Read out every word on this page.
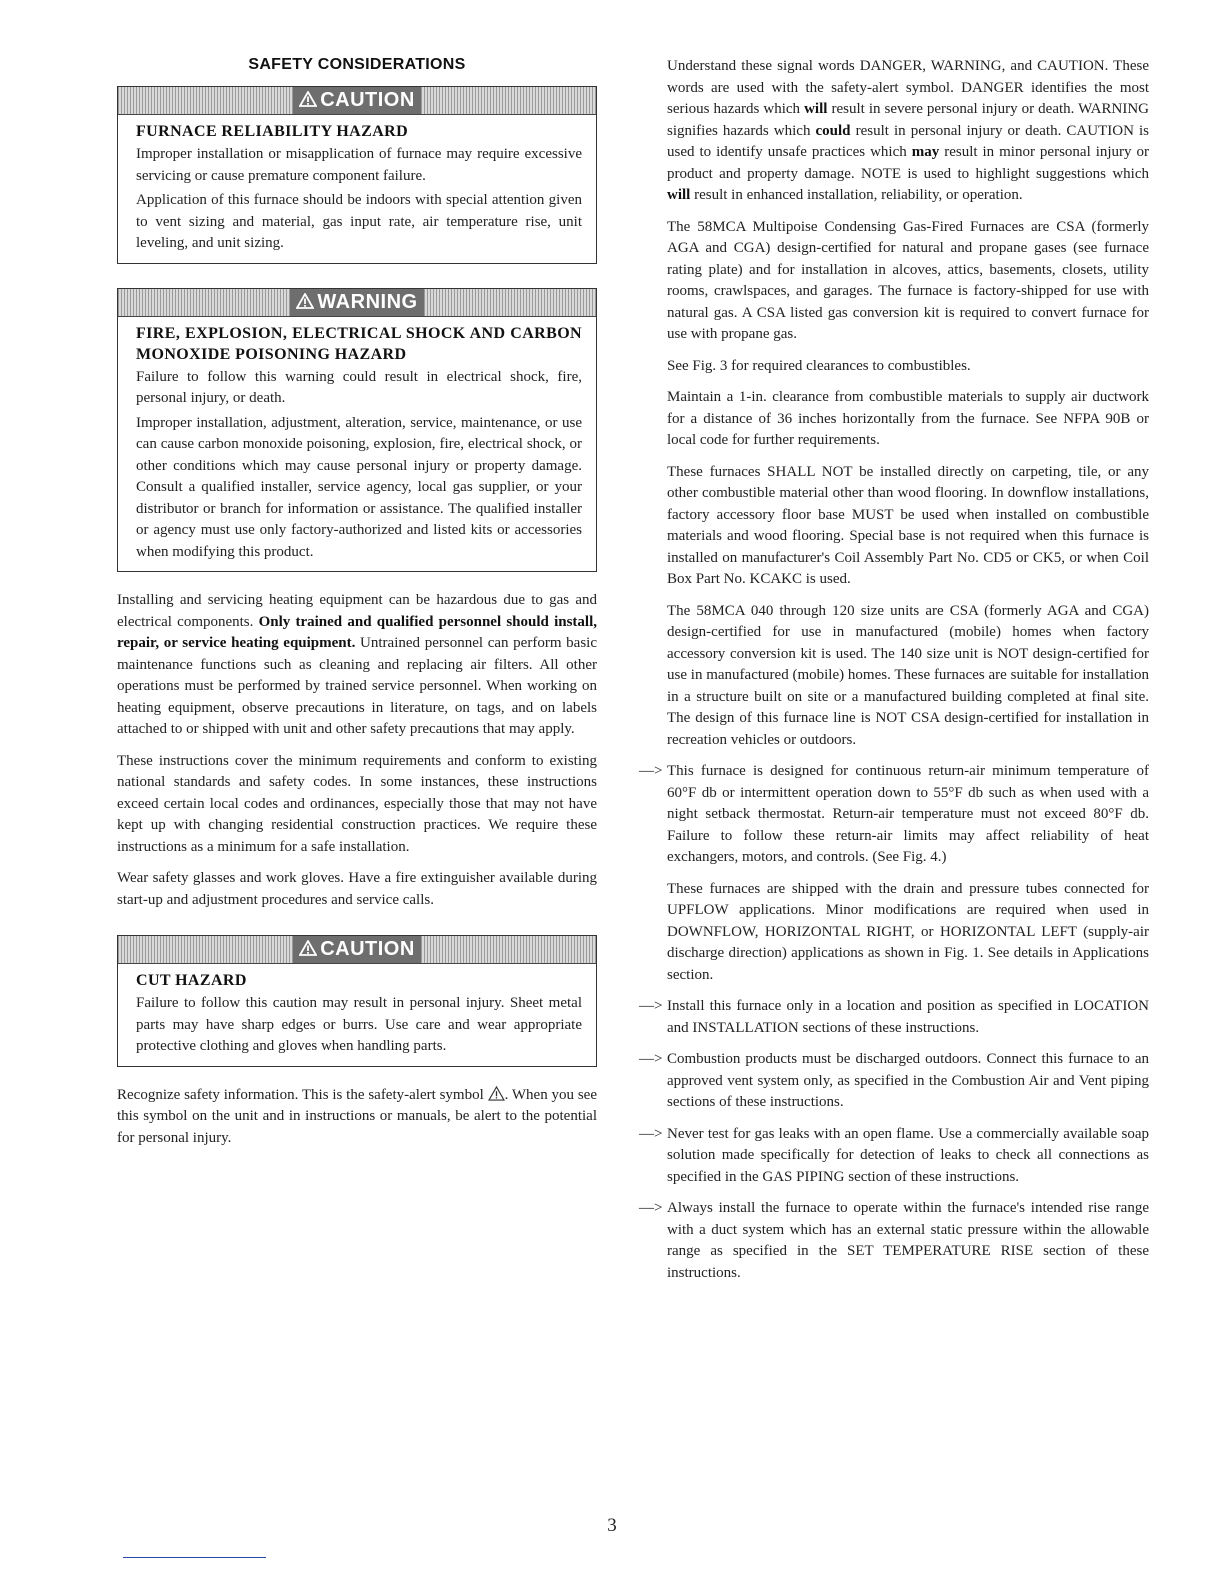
SAFETY CONSIDERATIONS
CAUTION
FURNACE RELIABILITY HAZARD
Improper installation or misapplication of furnace may require excessive servicing or cause premature component failure.
Application of this furnace should be indoors with special attention given to vent sizing and material, gas input rate, air temperature rise, unit leveling, and unit sizing.
WARNING
FIRE, EXPLOSION, ELECTRICAL SHOCK AND CARBON MONOXIDE POISONING HAZARD
Failure to follow this warning could result in electrical shock, fire, personal injury, or death.
Improper installation, adjustment, alteration, service, maintenance, or use can cause carbon monoxide poisoning, explosion, fire, electrical shock, or other conditions which may cause personal injury or property damage. Consult a qualified installer, service agency, local gas supplier, or your distributor or branch for information or assistance. The qualified installer or agency must use only factory-authorized and listed kits or accessories when modifying this product.
Installing and servicing heating equipment can be hazardous due to gas and electrical components. Only trained and qualified personnel should install, repair, or service heating equipment. Untrained personnel can perform basic maintenance functions such as cleaning and replacing air filters. All other operations must be performed by trained service personnel. When working on heating equipment, observe precautions in literature, on tags, and on labels attached to or shipped with unit and other safety precautions that may apply.
These instructions cover the minimum requirements and conform to existing national standards and safety codes. In some instances, these instructions exceed certain local codes and ordinances, especially those that may not have kept up with changing residential construction practices. We require these instructions as a minimum for a safe installation.
Wear safety glasses and work gloves. Have a fire extinguisher available during start-up and adjustment procedures and service calls.
CAUTION
CUT HAZARD
Failure to follow this caution may result in personal injury. Sheet metal parts may have sharp edges or burrs. Use care and wear appropriate protective clothing and gloves when handling parts.
Recognize safety information. This is the safety-alert symbol . When you see this symbol on the unit and in instructions or manuals, be alert to the potential for personal injury.
Understand these signal words DANGER, WARNING, and CAUTION. These words are used with the safety-alert symbol. DANGER identifies the most serious hazards which will result in severe personal injury or death. WARNING signifies hazards which could result in personal injury or death. CAUTION is used to identify unsafe practices which may result in minor personal injury or product and property damage. NOTE is used to highlight suggestions which will result in enhanced installation, reliability, or operation.
The 58MCA Multipoise Condensing Gas-Fired Furnaces are CSA (formerly AGA and CGA) design-certified for natural and propane gases (see furnace rating plate) and for installation in alcoves, attics, basements, closets, utility rooms, crawlspaces, and garages. The furnace is factory-shipped for use with natural gas. A CSA listed gas conversion kit is required to convert furnace for use with propane gas.
See Fig. 3 for required clearances to combustibles.
Maintain a 1-in. clearance from combustible materials to supply air ductwork for a distance of 36 inches horizontally from the furnace. See NFPA 90B or local code for further requirements.
These furnaces SHALL NOT be installed directly on carpeting, tile, or any other combustible material other than wood flooring. In downflow installations, factory accessory floor base MUST be used when installed on combustible materials and wood flooring. Special base is not required when this furnace is installed on manufacturer's Coil Assembly Part No. CD5 or CK5, or when Coil Box Part No. KCAKC is used.
The 58MCA 040 through 120 size units are CSA (formerly AGA and CGA) design-certified for use in manufactured (mobile) homes when factory accessory conversion kit is used. The 140 size unit is NOT design-certified for use in manufactured (mobile) homes. These furnaces are suitable for installation in a structure built on site or a manufactured building completed at final site. The design of this furnace line is NOT CSA design-certified for installation in recreation vehicles or outdoors.
—> This furnace is designed for continuous return-air minimum temperature of 60°F db or intermittent operation down to 55°F db such as when used with a night setback thermostat. Return-air temperature must not exceed 80°F db. Failure to follow these return-air limits may affect reliability of heat exchangers, motors, and controls. (See Fig. 4.)
These furnaces are shipped with the drain and pressure tubes connected for UPFLOW applications. Minor modifications are required when used in DOWNFLOW, HORIZONTAL RIGHT, or HORIZONTAL LEFT (supply-air discharge direction) applications as shown in Fig. 1. See details in Applications section.
—> Install this furnace only in a location and position as specified in LOCATION and INSTALLATION sections of these instructions.
—> Combustion products must be discharged outdoors. Connect this furnace to an approved vent system only, as specified in the Combustion Air and Vent piping sections of these instructions.
—> Never test for gas leaks with an open flame. Use a commercially available soap solution made specifically for detection of leaks to check all connections as specified in the GAS PIPING section of these instructions.
—> Always install the furnace to operate within the furnace's intended rise range with a duct system which has an external static pressure within the allowable range as specified in the SET TEMPERATURE RISE section of these instructions.
3
